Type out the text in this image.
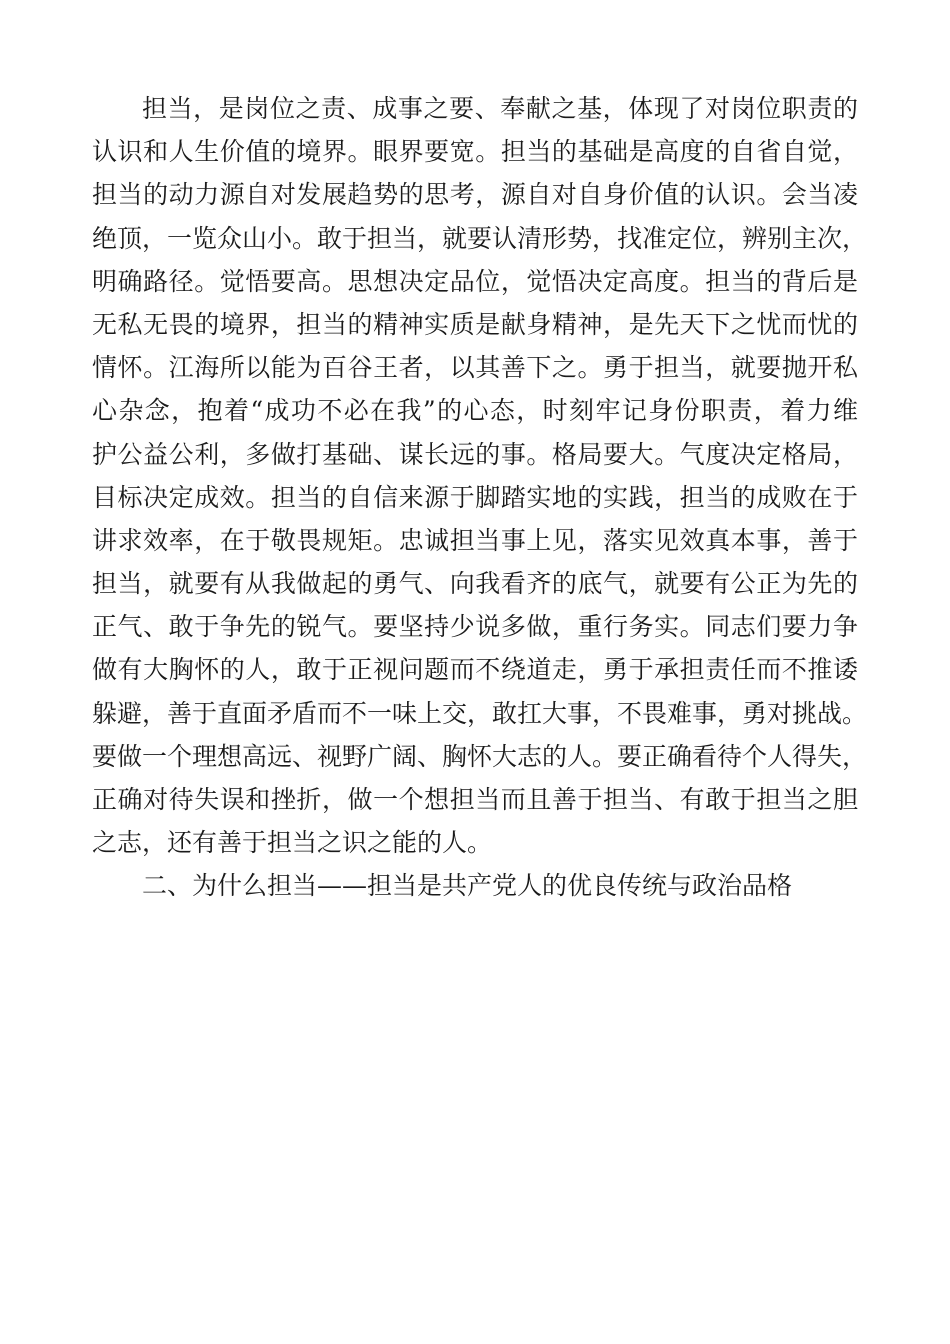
担当，是岗位之责、成事之要、奉献之基，体现了对岗位职责的
认识和人生价值的境界。眼界要宽。担当的基础是高度的自省自觉，
担当的动力源自对发展趋势的思考，源自对自身价值的认识。会当凌
绝顶，一览众山小。敢于担当，就要认清形势，找准定位，辨别主次，
明确路径。觉悟要高。思想决定品位，觉悟决定高度。担当的背后是
无私无畏的境界，担当的精神实质是献身精神，是先天下之忧而忧的
情怀。江海所以能为百谷王者，以其善下之。勇于担当，就要抛开私
心杂念，抱着“成功不必在我”的心态，时刻牢记身份职责，着力维
护公益公利，多做打基础、谋长远的事。格局要大。气度决定格局，
目标决定成效。担当的自信来源于脚踏实地的实践，担当的成败在于
讲求效率，在于敬畏规矩。忠诚担当事上见，落实见效真本事，善于
担当，就要有从我做起的勇气、向我看齐的底气，就要有公正为先的
正气、敢于争先的锐气。要坚持少说多做，重行务实。同志们要力争
做有大胸怀的人，敢于正视问题而不绕道走，勇于承担责任而不推诿
躲避，善于直面矛盾而不一味上交，敢扛大事，不畏难事，勇对挑战。
要做一个理想高远、视野广阔、胸怀大志的人。要正确看待个人得失，
正确对待失误和挫折，做一个想担当而且善于担当、有敢于担当之胆
之志，还有善于担当之识之能的人。
二、为什么担当——担当是共产党人的优良传统与政治品格
